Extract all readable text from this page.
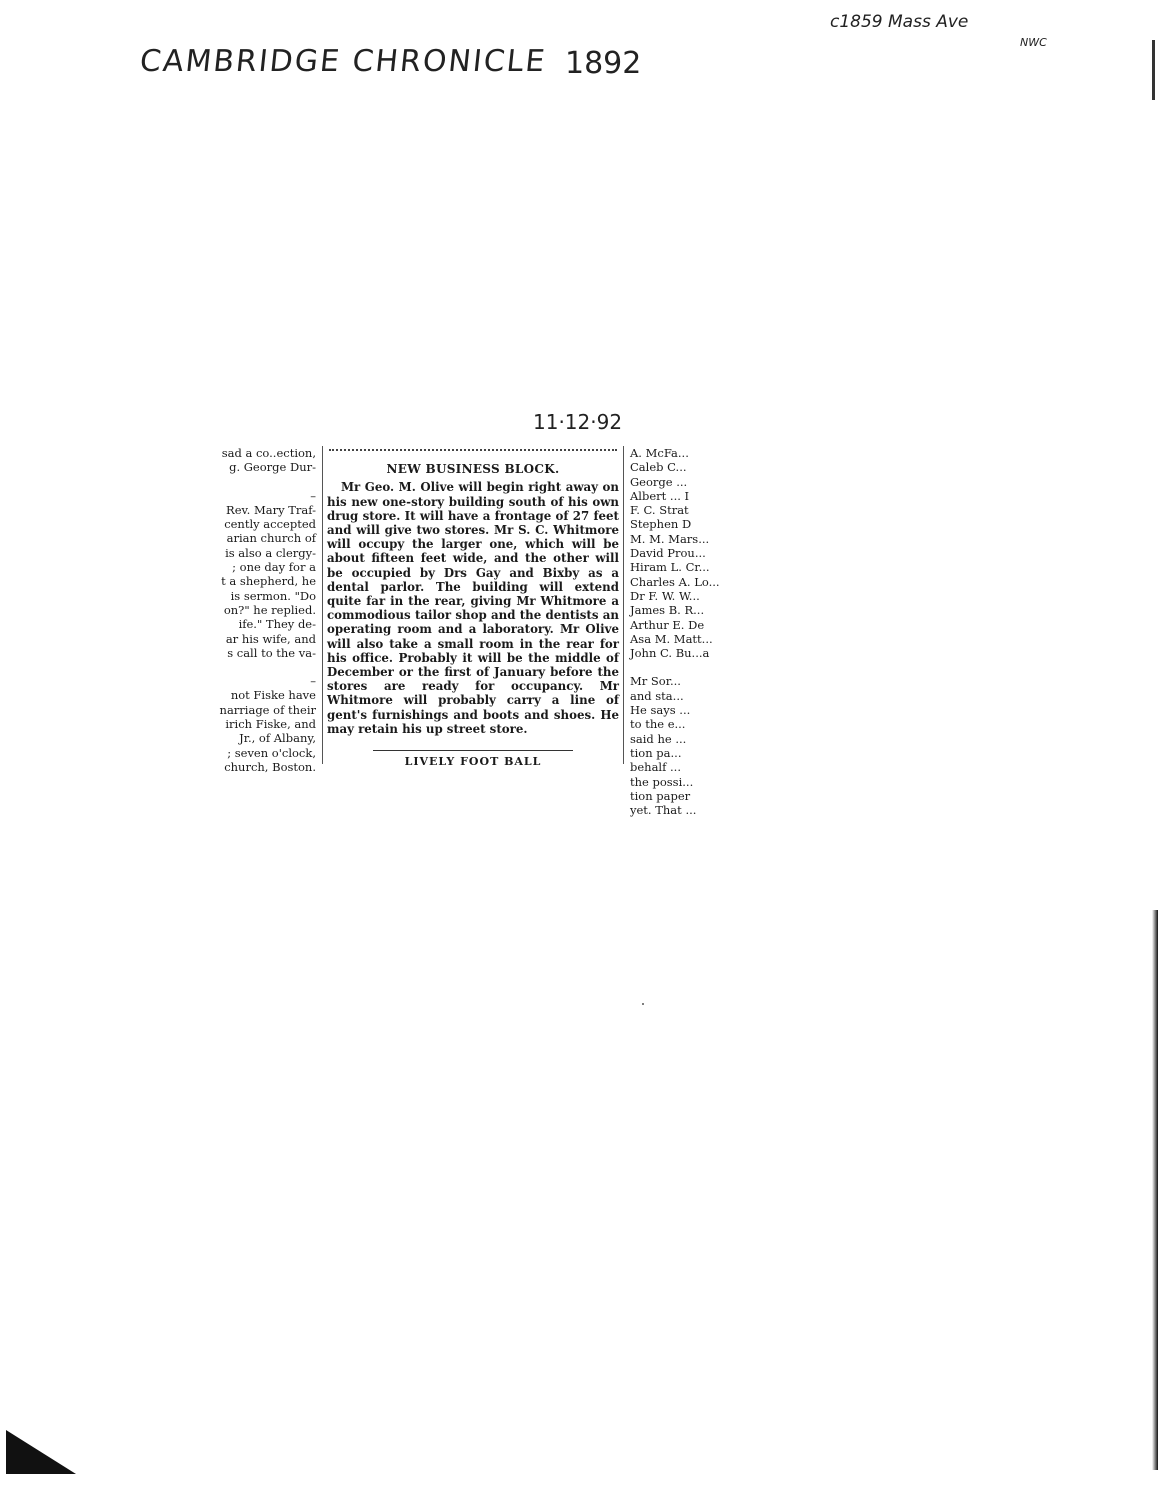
CAMBRIDGE CHRONICLE 1892
c1859 Mass Ave
NWC
11·12·92
sad a co..ection,
g. George Dur-
–
Rev. Mary Traf-
cently accepted
arian church of
is also a clergy-
; one day for a
t a shepherd, he
is sermon. "Do
on?" he replied.
ife." They de-
ar his wife, and
s call to the va-
–
not Fiske have
narriage of their
irich Fiske, and
Jr., of Albany,
; seven o'clock,
church, Boston.
NEW BUSINESS BLOCK.

Mr Geo. M. Olive will begin right away on his new one-story building south of his own drug store. It will have a frontage of 27 feet and will give two stores. Mr S. C. Whitmore will occupy the larger one, which will be about fifteen feet wide, and the other will be occupied by Drs Gay and Bixby as a dental parlor. The building will extend quite far in the rear, giving Mr Whitmore a commodious tailor shop and the dentists an operating room and a laboratory. Mr Olive will also take a small room in the rear for his office. Probably it will be the middle of December or the first of January before the stores are ready for occupancy. Mr Whitmore will probably carry a line of gent's furnishings and boots and shoes. He may retain his up street store.

LIVELY FOOT BALL
A. McFa...
Caleb C...
George ...
Albert ... I
F. C. Strat
Stephen D
M. M. Mars...
David Prou...
Hiram L. Cr...
Charles A. Lo...
Dr F. W. W...
James B. R...
Arthur E. De
Asa M. Matt...
John C. Bu...a
Mr Sor...
and sta...
He says ...
to the e...
said he ...
tion pa...
behalf ...
the possi...
tion paper
yet. That ...
